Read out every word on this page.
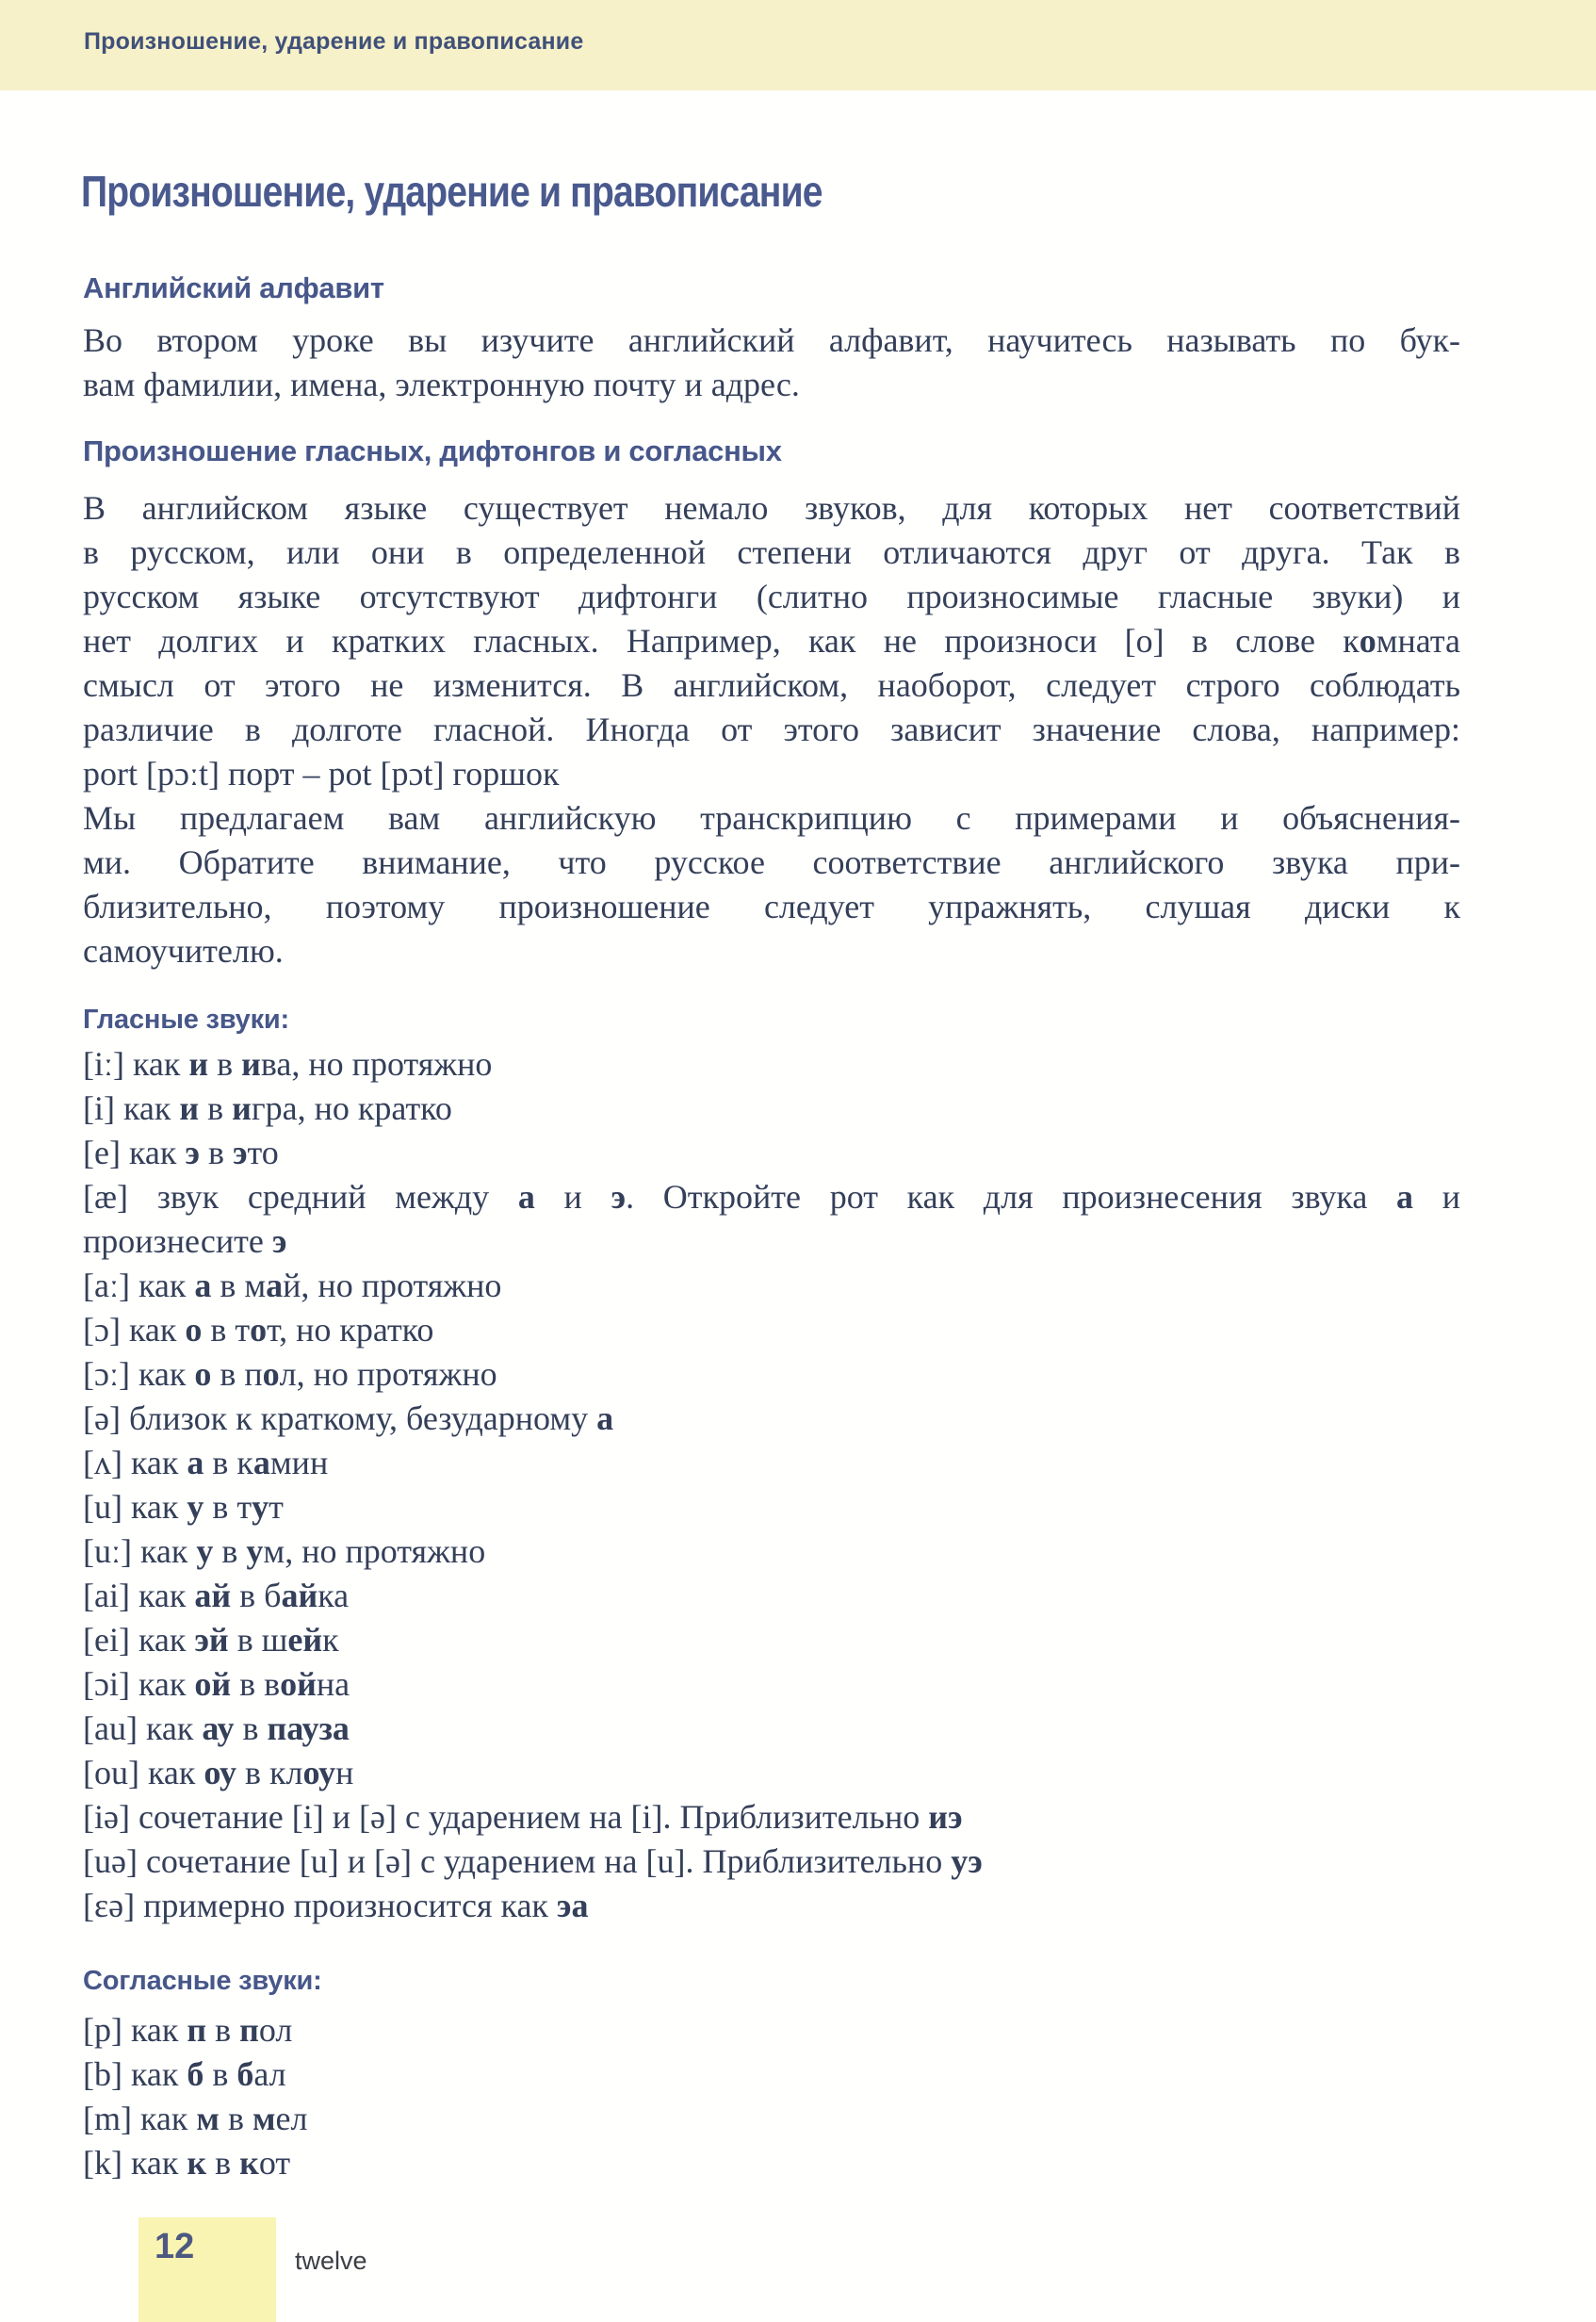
Произношение, ударение и правописание
Произношение, ударение и правописание
Английский алфавит
Во втором уроке вы изучите английский алфавит, научитесь называть по бук-
вам фамилии, имена, электронную почту и адрес.
Произношение гласных, дифтонгов и согласных
В английском языке существует немало звуков, для которых нет соответствий
в русском, или они в определенной степени отличаются друг от друга. Так в
русском языке отсутствуют дифтонги (слитно произносимые гласные звуки) и
нет долгих и кратких гласных. Например, как не произноси [о] в слове комната
смысл от этого не изменится. В английском, наоборот, следует строго соблюдать
различие в долготе гласной. Иногда от этого зависит значение слова, например:
port [pɔːt] порт – pot [pɔt] горшок
Мы предлагаем вам английскую транскрипцию с примерами и объяснения-
ми. Обратите внимание, что русское соответствие английского звука при-
близительно, поэтому произношение следует упражнять, слушая диски к
самоучителю.
Гласные звуки:
[iː] как и в ива, но протяжно
[i] как и в игра, но кратко
[e] как э в это
[æ] звук средний между а и э. Откройте рот как для произнесения звука а и
произнесите э
[aː] как а в май, но протяжно
[ɔ] как о в тот, но кратко
[ɔː] как о в пол, но протяжно
[ə] близок к краткому, безударному а
[ʌ] как а в камин
[u] как у в тут
[uː] как у в ум, но протяжно
[ai] как ай в байка
[ei] как эй в шейк
[ɔi] как ой в война
[au] как ау в пауза
[ou] как оу в клоун
[iə] сочетание [i] и [ə] с ударением на [i]. Приблизительно иэ
[uə] сочетание [u] и [ə] с ударением на [u]. Приблизительно уэ
[ɛə] примерно произносится как эа
Согласные звуки:
[p] как п в пол
[b] как б в бал
[m] как м в мел
[k] как к в кот
12	twelve
